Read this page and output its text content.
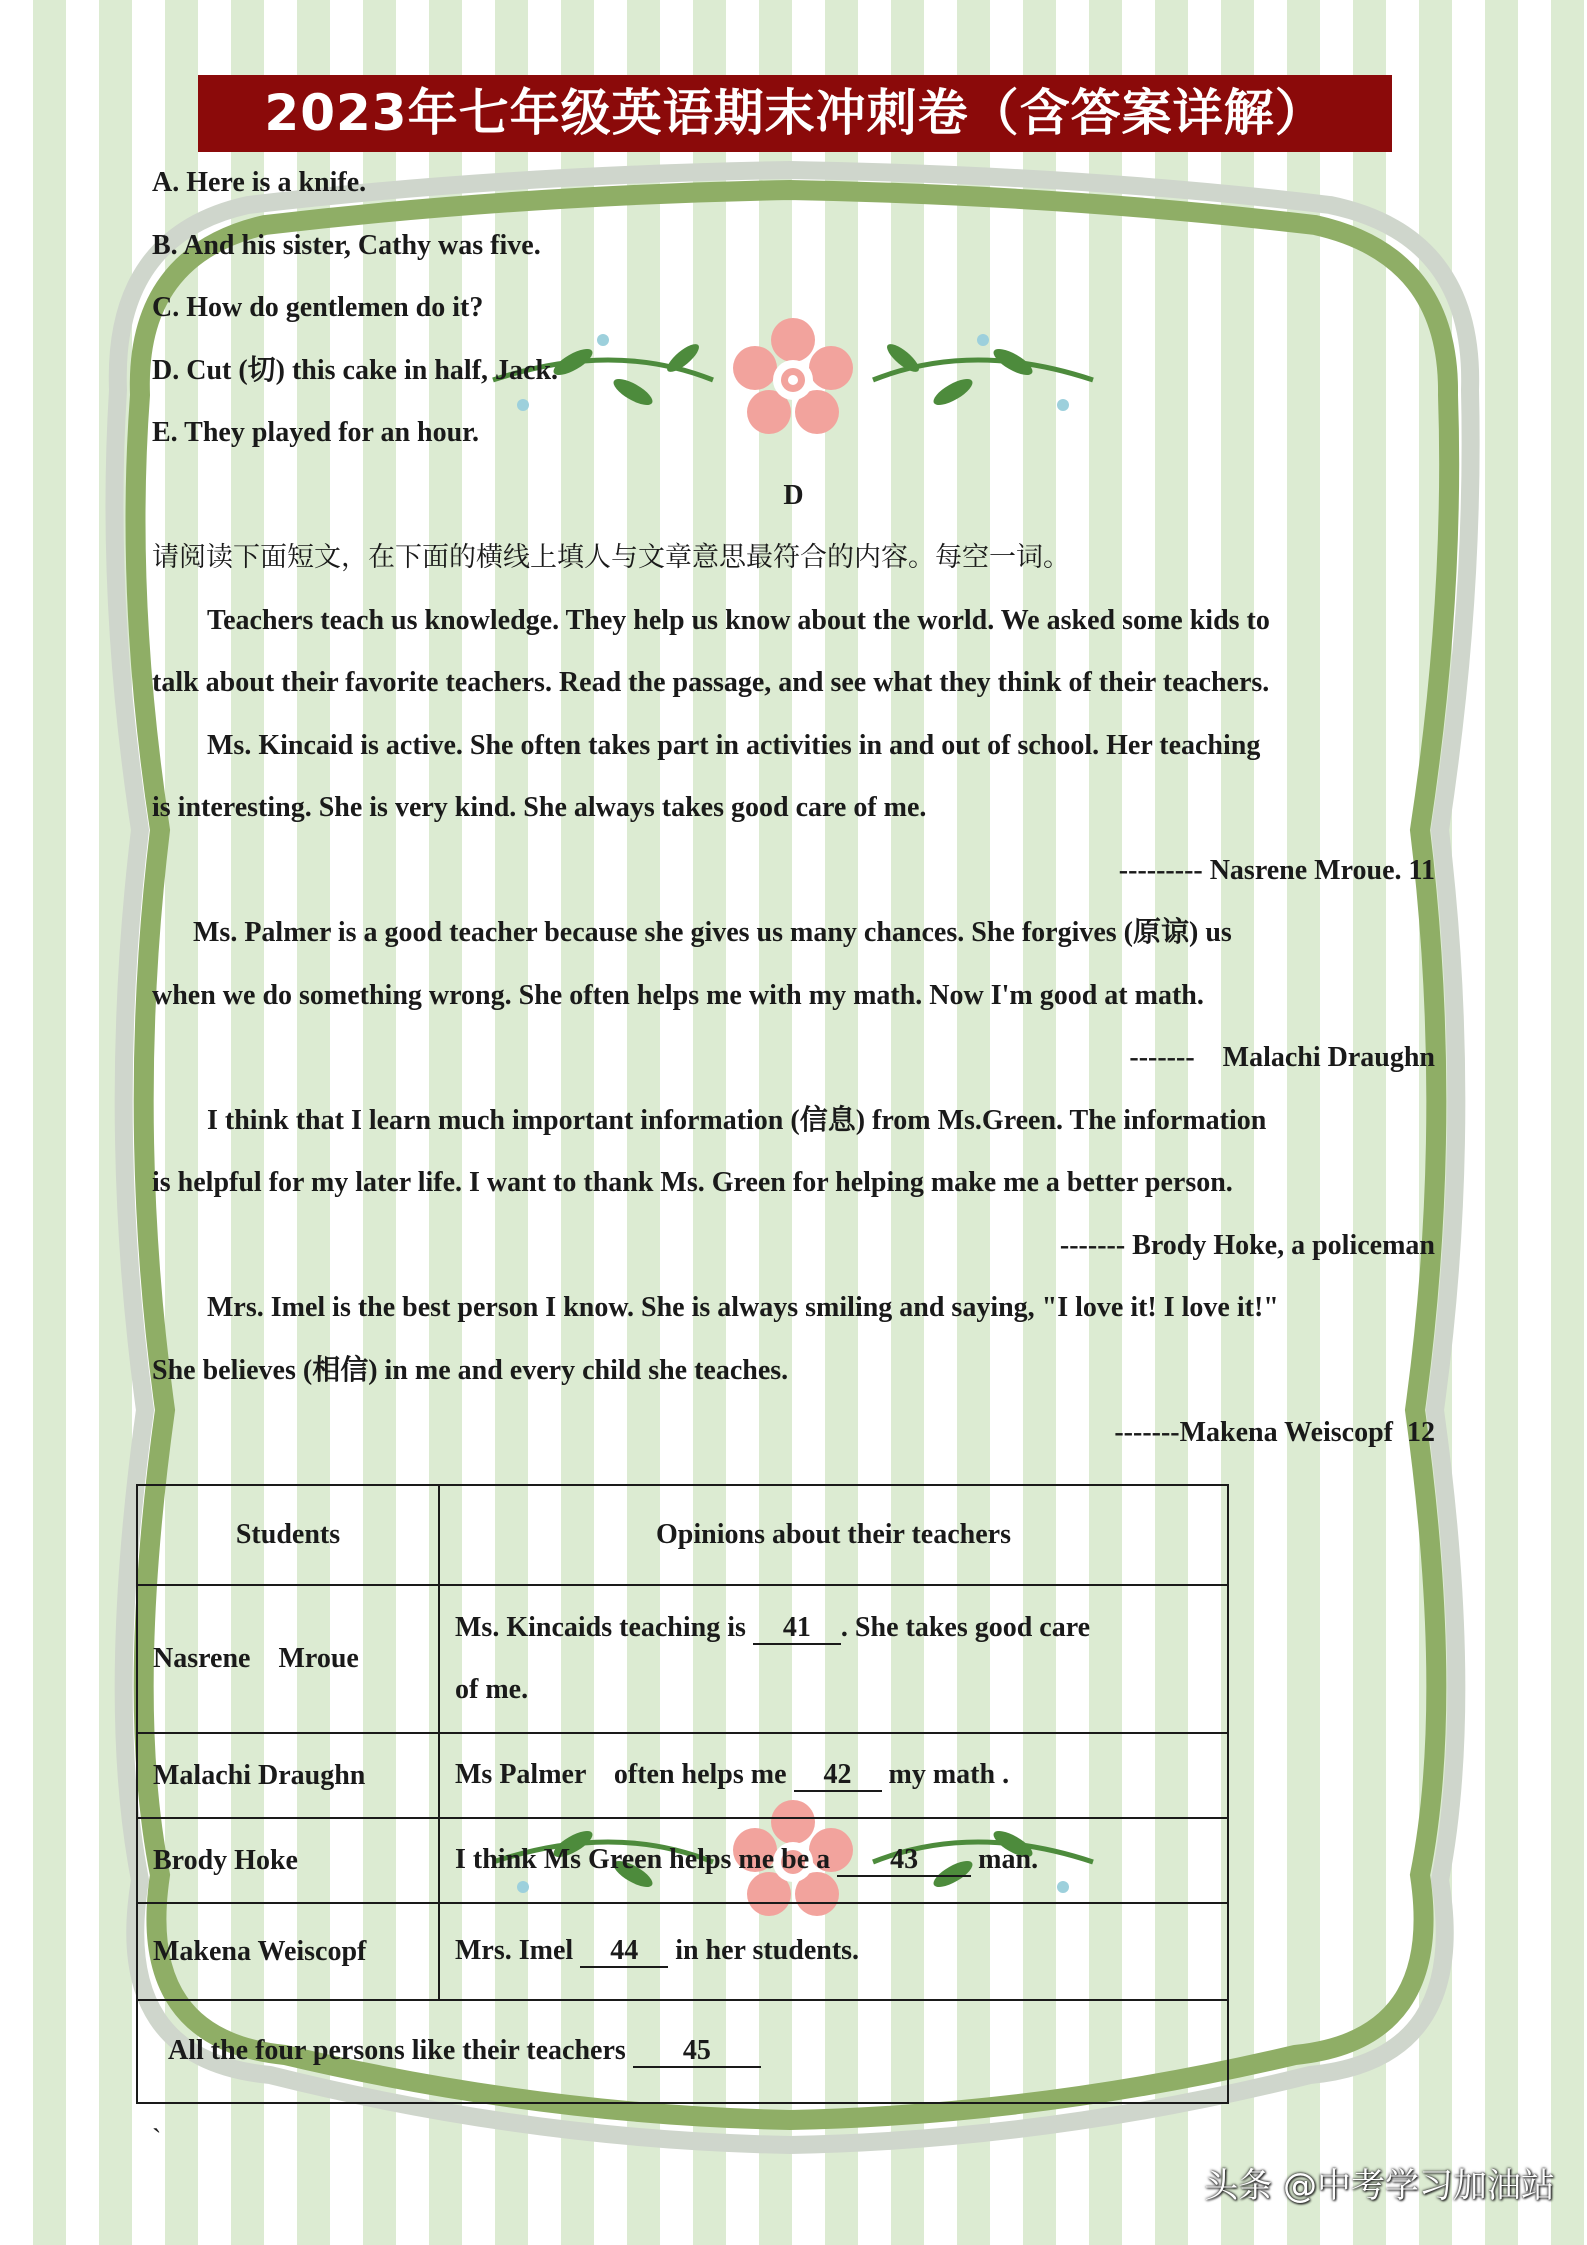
2023年七年级英语期末冲刺卷（含答案详解）
A. Here is a knife.
B. And his sister, Cathy was five.
C. How do gentlemen do it?
D. Cut (切) this cake in half, Jack.
E. They played for an hour.
D
请阅读下面短文，在下面的横线上填人与文章意思最符合的内容。每空一词。
Teachers teach us knowledge. They help us know about the world. We asked some kids to
talk about their favorite teachers. Read the passage, and see what they think of their teachers.
Ms. Kincaid is active. She often takes part in activities in and out of school. Her teaching
is interesting. She is very kind. She always takes good care of me.
--------- Nasrene Mroue. 11
Ms. Palmer is a good teacher because she gives us many chances. She forgives (原谅) us
when we do something wrong. She often helps me with my math. Now I'm good at math.
-------    Malachi Draughn
I think that I learn much important information (信息) from Ms.Green. The information
is helpful for my later life. I want to thank Ms. Green for helping make me a better person.
------- Brody Hoke, a policeman
Mrs. Imel is the best person I know. She is always smiling and saying, "I love it! I love it!"
She believes (相信) in me and every child she teaches.
-------Makena Weiscopf  12
Students	Opinions about their teachers
Nasrene    Mroue	Ms. Kincaids teaching is 41 . She takes good care
of me.
Malachi Draughn	Ms Palmer    often helps me 42 my math .
Brody Hoke	I think Ms Green helps me be a 43 man.
Makena Weiscopf	Mrs. Imel 44 in her students.
All the four persons like their teachers 45	
`
头条 @中考学习加油站
